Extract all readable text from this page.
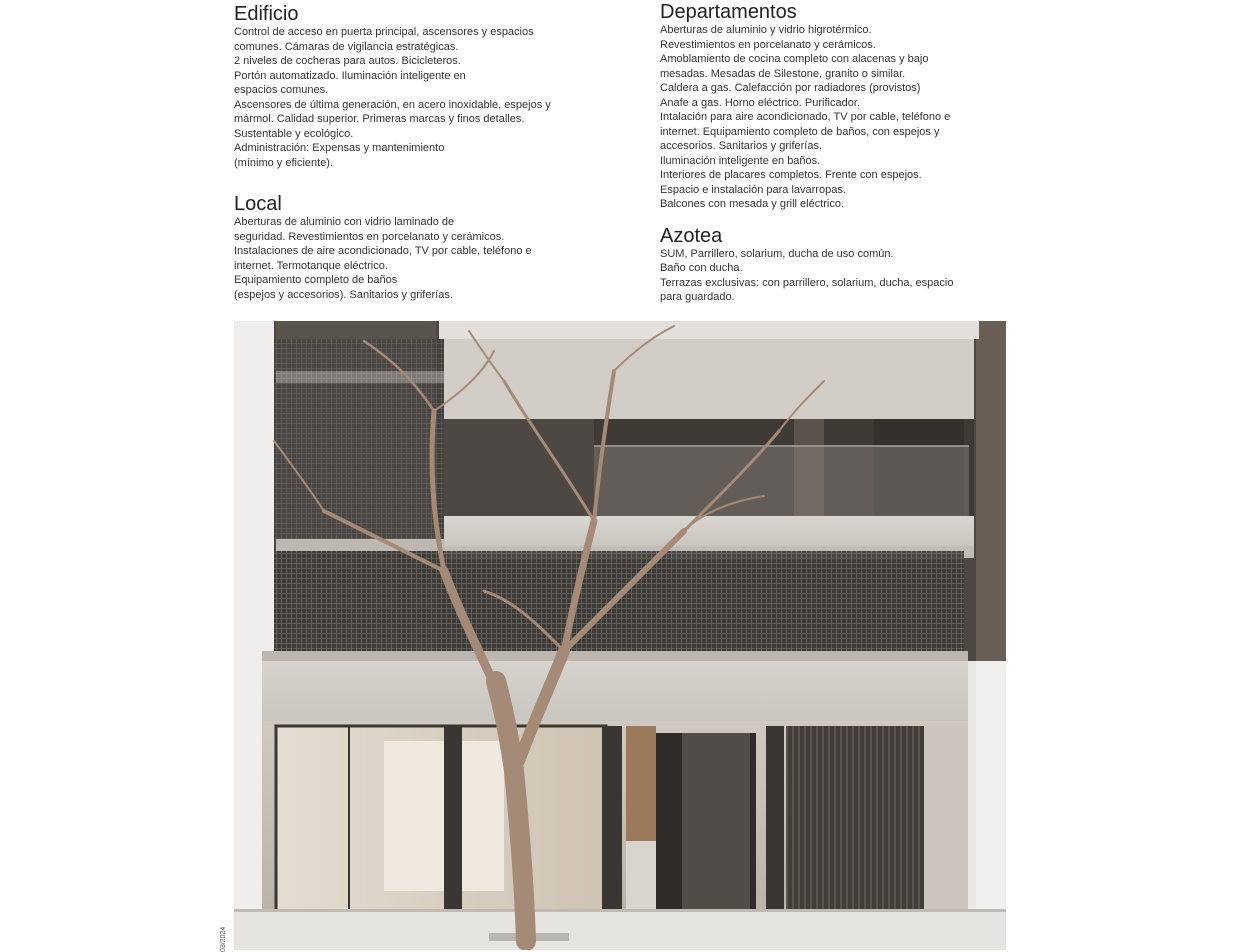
Edificio
Control de acceso en puerta principal, ascensores y espacios
comunes. Cámaras de vigilancia estratégicas.
2 niveles de cocheras para autos. Bicicleteros.
Portón automatizado. Iluminación inteligente en
espacios comunes.
Ascensores de última generación, en acero inoxidable, espejos y
mármol. Calidad superior. Primeras marcas y finos detalles.
Sustentable y ecológico.
Administración: Expensas y mantenimiento
(mínimo y eficiente).
Local
Aberturas de aluminio con vidrio laminado de
seguridad. Revestimientos en porcelanato y cerámicos.
Instalaciones de aire acondicionado, TV por cable, teléfono e
internet. Termotanque eléctrico.
Equipamiento completo de baños
(espejos y accesorios). Sanitarios y griferías.
Departamentos
Aberturas de aluminio y vidrio higrotérmico.
Revestimientos en porcelanato y cerámicos.
Amoblamiento de cocina completo con alacenas y bajo
mesadas. Mesadas de Silestone, granito o similar.
Caldera a gas. Calefacción por radiadores (provistos)
Anafe a gas. Horno eléctrico. Purificador.
Intalación para aire acondicionado, TV por cable, teléfono e
internet. Equipamiento completo de baños, con espejos y
accesorios. Sanitarios y griferías.
Iluminación inteligente en baños.
Interiores de placares completos. Frente con espejos.
Espacio e instalación para lavarropas.
Balcones con mesada y grill eléctrico.
Azotea
SUM, Parrillero, solarium, ducha de uso común.
Baño con ducha.
Terrazas exclusivas: con parrillero, solarium, ducha, espacio
para guardado.
03/2024
